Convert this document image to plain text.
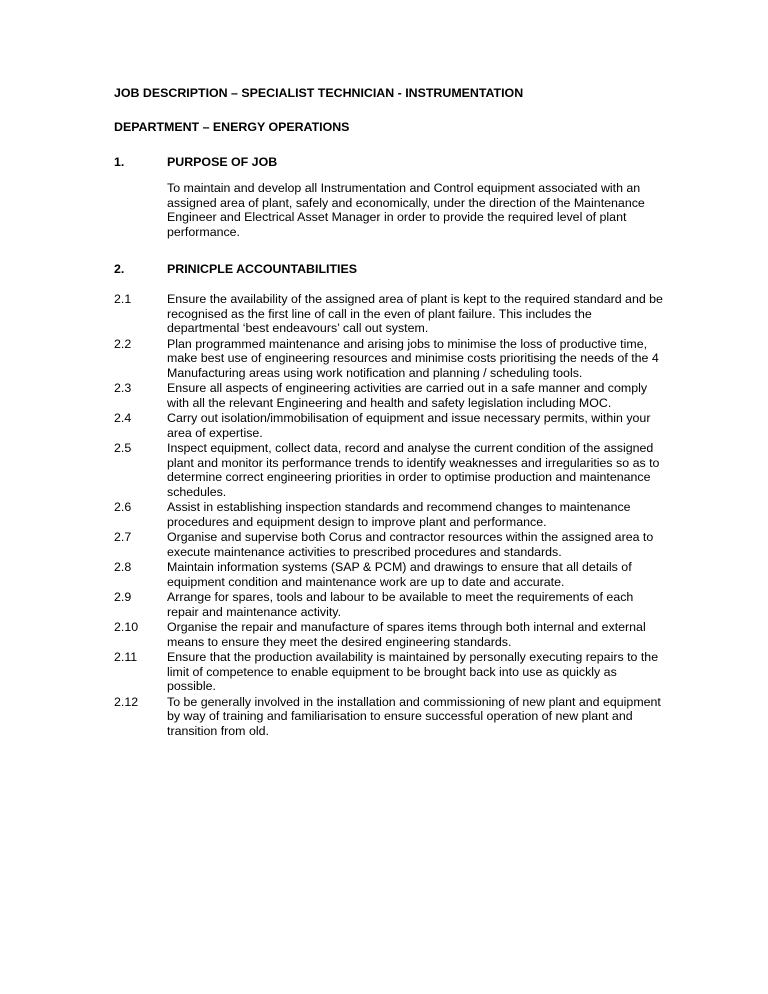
JOB DESCRIPTION – SPECIALIST TECHNICIAN - INSTRUMENTATION
DEPARTMENT – ENERGY OPERATIONS
1.	PURPOSE OF JOB

To maintain and develop all Instrumentation and Control equipment associated with an assigned area of plant, safely and economically, under the direction of the Maintenance Engineer and Electrical Asset Manager in order to provide the required level of plant performance.

2.	PRINICPLE ACCOUNTABILITIES
2.1	Ensure the availability of the assigned area of plant is kept to the required standard and be recognised as the first line of call in the even of plant failure. This includes the departmental ‘best endeavours’ call out system.
2.2	Plan programmed maintenance and arising jobs to minimise the loss of productive time, make best use of engineering resources and minimise costs prioritising the needs of the 4 Manufacturing areas using work notification and planning / scheduling tools.
2.3	Ensure all aspects of engineering activities are carried out in a safe manner and comply with all the relevant Engineering and health and safety legislation including MOC.
2.4	Carry out isolation/immobilisation of equipment and issue necessary permits, within your area of expertise.
2.5	Inspect equipment, collect data, record and analyse the current condition of the assigned plant and monitor its performance trends to identify weaknesses and irregularities so as to determine correct engineering priorities in order to optimise production and maintenance schedules.
2.6	Assist in establishing inspection standards and recommend changes to maintenance procedures and equipment design to improve plant and performance.
2.7	Organise and supervise both Corus and contractor resources within the assigned area to execute maintenance activities to prescribed procedures and standards.
2.8	Maintain information systems (SAP & PCM) and drawings to ensure that all details of equipment condition and maintenance work are up to date and accurate.
2.9	Arrange for spares, tools and labour to be available to meet the requirements of each repair and maintenance activity.
2.10	Organise the repair and manufacture of spares items through both internal and external means to ensure they meet the desired engineering standards.
2.11	Ensure that the production availability is maintained by personally executing repairs to the limit of competence to enable equipment to be brought back into use as quickly as possible.
2.12	To be generally involved in the installation and commissioning of new plant and equipment by way of training and familiarisation to ensure successful operation of new plant and transition from old.
